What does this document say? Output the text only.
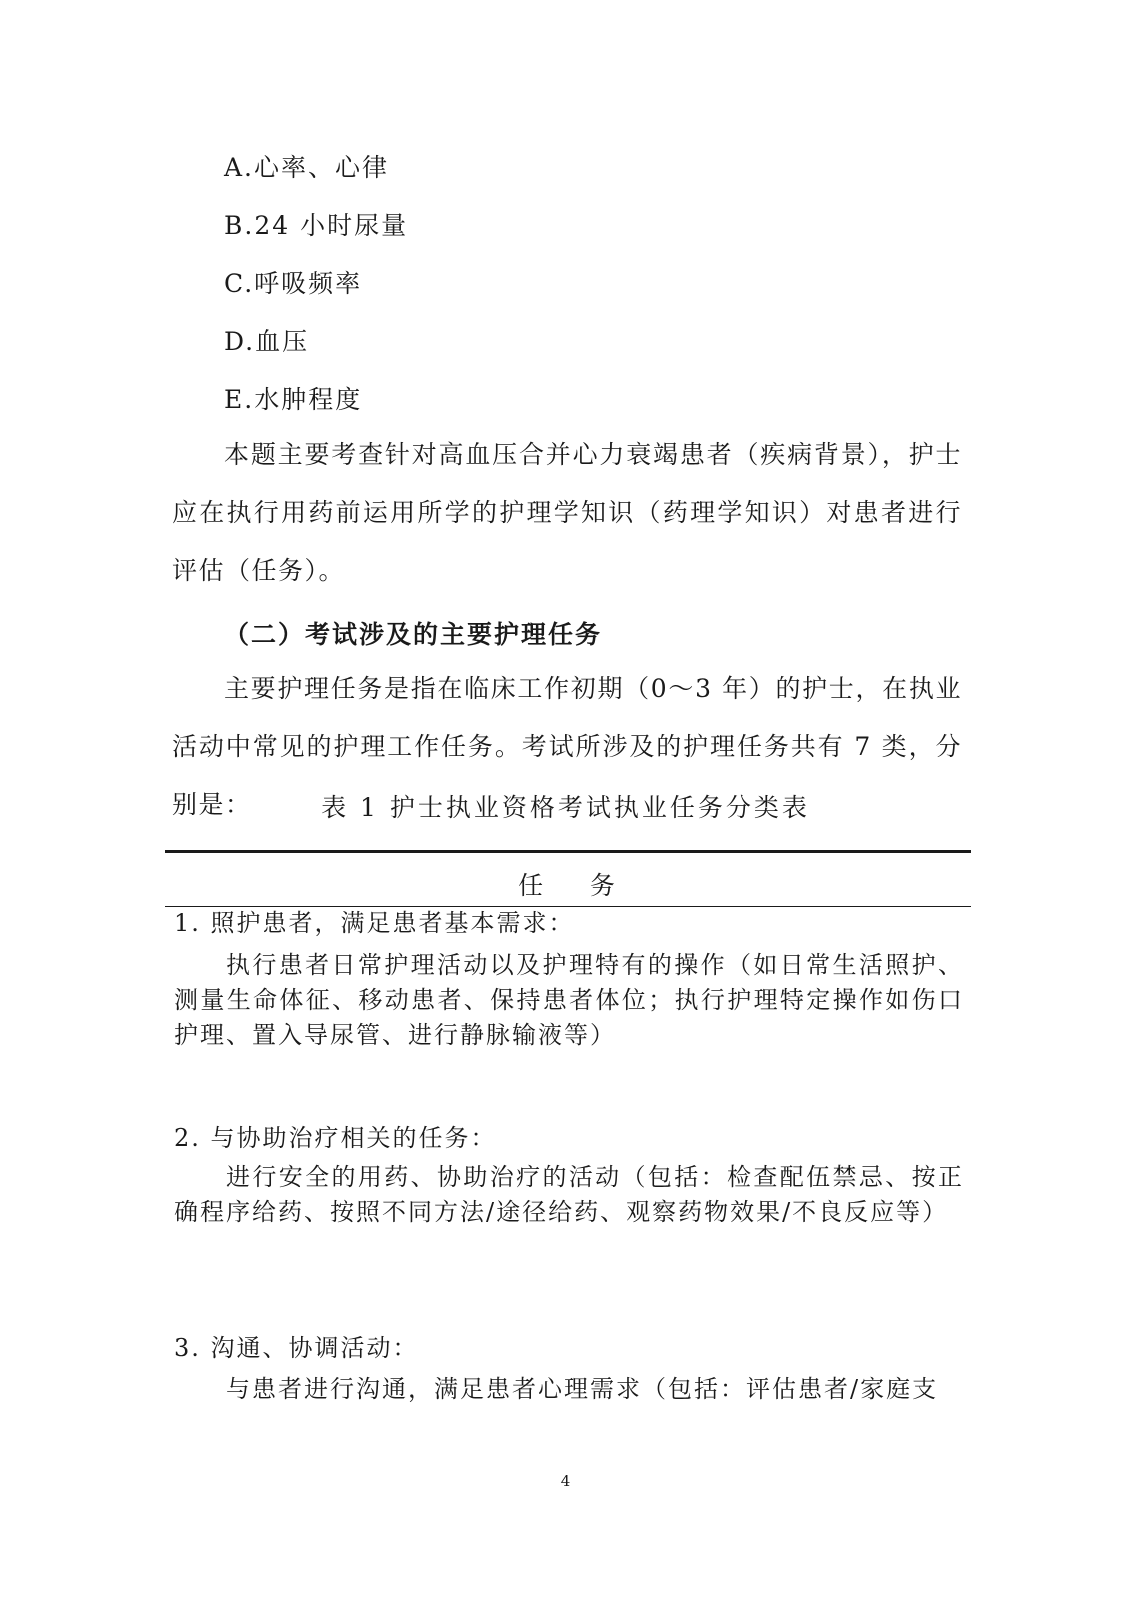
A.心率、心律
B.24 小时尿量
C.呼吸频率
D.血压
E.水肿程度
本题主要考查针对高血压合并心力衰竭患者（疾病背景），护士应在执行用药前运用所学的护理学知识（药理学知识）对患者进行评估（任务）。
（二）考试涉及的主要护理任务
主要护理任务是指在临床工作初期（0～3 年）的护士，在执业活动中常见的护理工作任务。考试所涉及的护理任务共有 7 类，分别是：	表 1 护士执业资格考试执业任务分类表
任    务
1. 照护患者，满足患者基本需求：
执行患者日常护理活动以及护理特有的操作（如日常生活照护、测量生命体征、移动患者、保持患者体位；执行护理特定操作如伤口护理、置入导尿管、进行静脉输液等）
2. 与协助治疗相关的任务：
进行安全的用药、协助治疗的活动（包括：检查配伍禁忌、按正确程序给药、按照不同方法/途径给药、观察药物效果/不良反应等）
3. 沟通、协调活动：
与患者进行沟通，满足患者心理需求（包括：评估患者/家庭支
4
